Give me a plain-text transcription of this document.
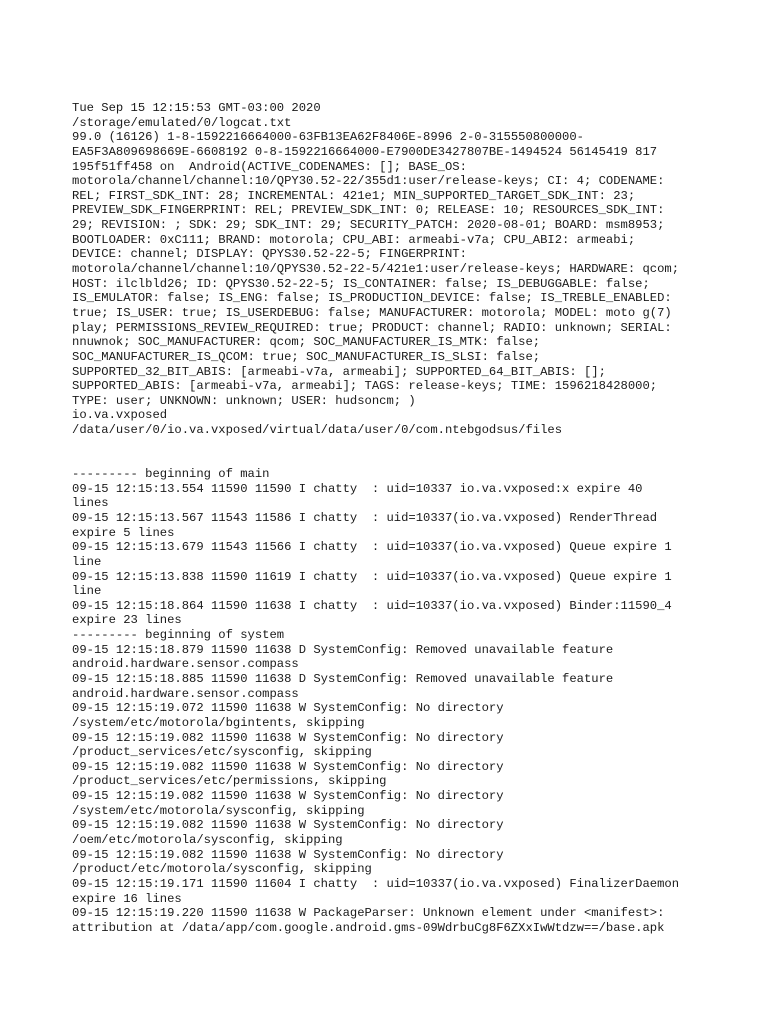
Tue Sep 15 12:15:53 GMT-03:00 2020
/storage/emulated/0/logcat.txt
99.0 (16126) 1-8-1592216664000-63FB13EA62F8406E-8996 2-0-315550800000-
EA5F3A809698669E-6608192 0-8-1592216664000-E7900DE3427807BE-1494524 56145419 817
195f51ff458 on  Android(ACTIVE_CODENAMES: []; BASE_OS:
motorola/channel/channel:10/QPY30.52-22/355d1:user/release-keys; CI: 4; CODENAME:
REL; FIRST_SDK_INT: 28; INCREMENTAL: 421e1; MIN_SUPPORTED_TARGET_SDK_INT: 23;
PREVIEW_SDK_FINGERPRINT: REL; PREVIEW_SDK_INT: 0; RELEASE: 10; RESOURCES_SDK_INT:
29; REVISION: ; SDK: 29; SDK_INT: 29; SECURITY_PATCH: 2020-08-01; BOARD: msm8953;
BOOTLOADER: 0xC111; BRAND: motorola; CPU_ABI: armeabi-v7a; CPU_ABI2: armeabi;
DEVICE: channel; DISPLAY: QPYS30.52-22-5; FINGERPRINT:
motorola/channel/channel:10/QPYS30.52-22-5/421e1:user/release-keys; HARDWARE: qcom;
HOST: ilclbld26; ID: QPYS30.52-22-5; IS_CONTAINER: false; IS_DEBUGGABLE: false;
IS_EMULATOR: false; IS_ENG: false; IS_PRODUCTION_DEVICE: false; IS_TREBLE_ENABLED:
true; IS_USER: true; IS_USERDEBUG: false; MANUFACTURER: motorola; MODEL: moto g(7)
play; PERMISSIONS_REVIEW_REQUIRED: true; PRODUCT: channel; RADIO: unknown; SERIAL:
nnuwnok; SOC_MANUFACTURER: qcom; SOC_MANUFACTURER_IS_MTK: false;
SOC_MANUFACTURER_IS_QCOM: true; SOC_MANUFACTURER_IS_SLSI: false;
SUPPORTED_32_BIT_ABIS: [armeabi-v7a, armeabi]; SUPPORTED_64_BIT_ABIS: [];
SUPPORTED_ABIS: [armeabi-v7a, armeabi]; TAGS: release-keys; TIME: 1596218428000;
TYPE: user; UNKNOWN: unknown; USER: hudsoncm; )
io.va.vxposed
/data/user/0/io.va.vxposed/virtual/data/user/0/com.ntebgodsus/files
--------- beginning of main
09-15 12:15:13.554 11590 11590 I chatty  : uid=10337 io.va.vxposed:x expire 40
lines
09-15 12:15:13.567 11543 11586 I chatty  : uid=10337(io.va.vxposed) RenderThread
expire 5 lines
09-15 12:15:13.679 11543 11566 I chatty  : uid=10337(io.va.vxposed) Queue expire 1
line
09-15 12:15:13.838 11590 11619 I chatty  : uid=10337(io.va.vxposed) Queue expire 1
line
09-15 12:15:18.864 11590 11638 I chatty  : uid=10337(io.va.vxposed) Binder:11590_4
expire 23 lines
--------- beginning of system
09-15 12:15:18.879 11590 11638 D SystemConfig: Removed unavailable feature
android.hardware.sensor.compass
09-15 12:15:18.885 11590 11638 D SystemConfig: Removed unavailable feature
android.hardware.sensor.compass
09-15 12:15:19.072 11590 11638 W SystemConfig: No directory
/system/etc/motorola/bgintents, skipping
09-15 12:15:19.082 11590 11638 W SystemConfig: No directory
/product_services/etc/sysconfig, skipping
09-15 12:15:19.082 11590 11638 W SystemConfig: No directory
/product_services/etc/permissions, skipping
09-15 12:15:19.082 11590 11638 W SystemConfig: No directory
/system/etc/motorola/sysconfig, skipping
09-15 12:15:19.082 11590 11638 W SystemConfig: No directory
/oem/etc/motorola/sysconfig, skipping
09-15 12:15:19.082 11590 11638 W SystemConfig: No directory
/product/etc/motorola/sysconfig, skipping
09-15 12:15:19.171 11590 11604 I chatty  : uid=10337(io.va.vxposed) FinalizerDaemon
expire 16 lines
09-15 12:15:19.220 11590 11638 W PackageParser: Unknown element under <manifest>:
attribution at /data/app/com.google.android.gms-09WdrbuCg8F6ZXxIwWtdzw==/base.apk
